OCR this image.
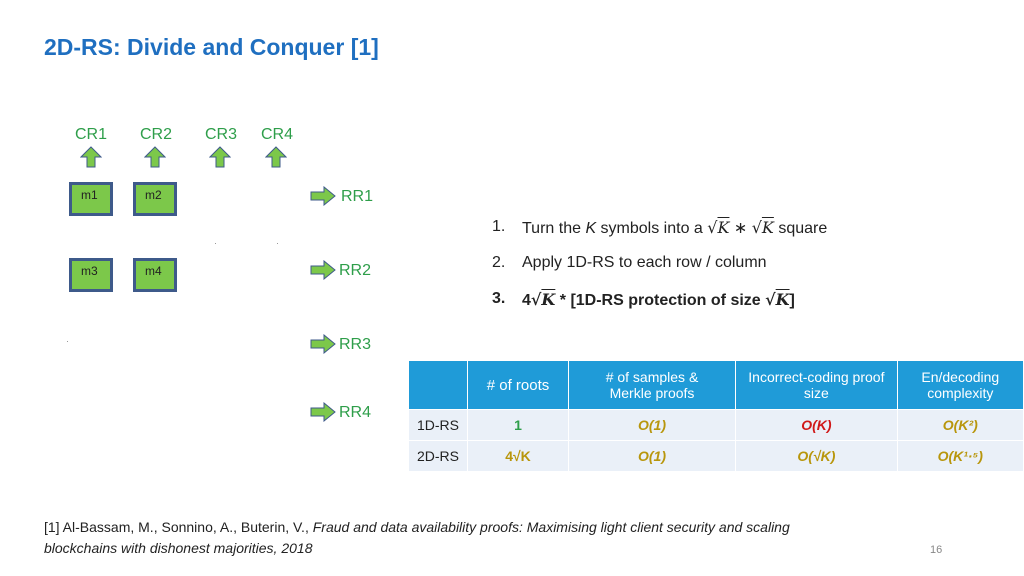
2D-RS: Divide and Conquer [1]
CR1 CR2 CR3 CR4
m1	m2
m3	m4
RR1
RR2
RR3
RR4
1.	Turn the K symbols into a √K ∗ √K square
2.	Apply 1D-RS to each row / column
3.	4√K * [1D-RS protection of size √K]
	# of roots	# of samples & Merkle proofs	Incorrect-coding proof size	En/decoding complexity
1D-RS	1	O(1)	O(K)	O(K²)
2D-RS	4√K	O(1)	O(√K)	O(K¹·⁵)
[1] Al-Bassam, M., Sonnino, A., Buterin, V., Fraud and data availability proofs: Maximising light client security and scaling blockchains with dishonest majorities, 2018	16
